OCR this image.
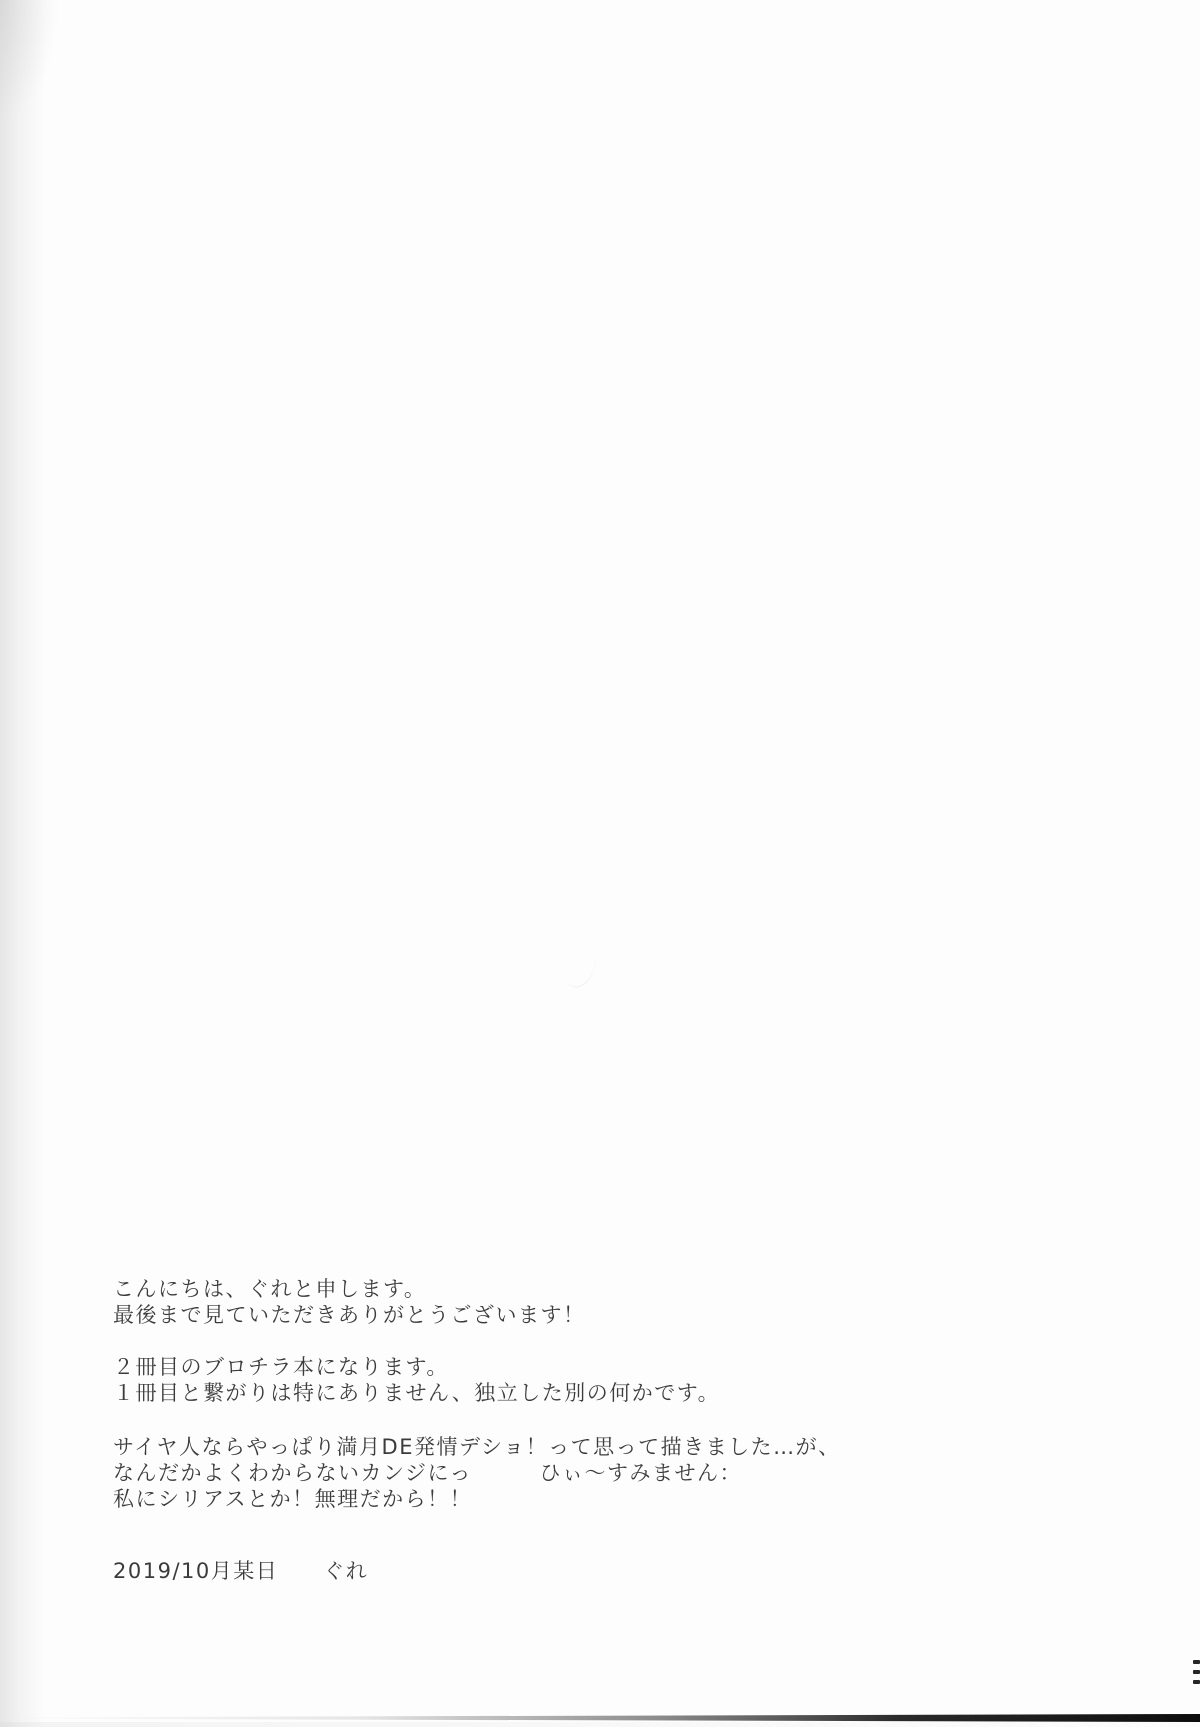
こんにちは、ぐれと申します。
最後まで見ていただきありがとうございます！

２冊目のブロチラ本になります。
１冊目と繋がりは特にありません、独立した別の何かです。

サイヤ人ならやっぱり満月DE発情デショ！って思って描きました…が、
なんだかよくわからないカンジにっ　　　ひぃ～すみません：
私にシリアスとか！無理だから！！

2019/10月某日　　ぐれ
